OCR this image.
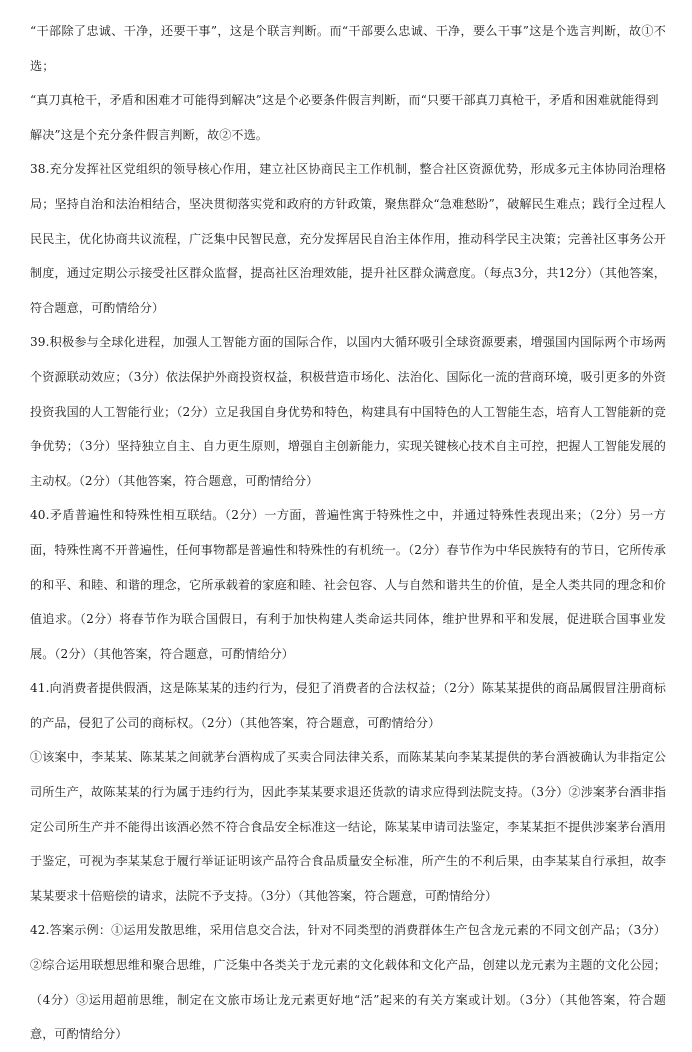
“干部除了忠诚、干净，还要干事”，这是个联言判断。而“干部要么忠诚、干净，要么干事”这是个选言判断，故①不选；

“真刀真枪干，矛盾和困难才可能得到解决”这是个必要条件假言判断，而“只要干部真刀真枪干，矛盾和困难就能得到

解决”这是个充分条件假言判断，故②不选。

38.充分发挥社区党组织的领导核心作用，建立社区协商民主工作机制，整合社区资源优势，形成多元主体协同治理格局；坚持自治和法治相结合，坚决贯彻落实党和政府的方针政策，聚焦群众“急难愁盼”，破解民生难点；践行全过程人民民主，优化协商共议流程，广泛集中民智民意，充分发挥居民自治主体作用，推动科学民主决策；完善社区事务公开制度，通过定期公示接受社区群众监督，提高社区治理效能，提升社区群众满意度。（每点3分，共12分）（其他答案，符合题意，可酌情给分）

39.积极参与全球化进程，加强人工智能方面的国际合作，以国内大循环吸引全球资源要素，增强国内国际两个市场两个资源联动效应；（3分）依法保护外商投资权益，积极营造市场化、法治化、国际化一流的营商环境，吸引更多的外资投资我国的人工智能行业；（2分）立足我国自身优势和特色，构建具有中国特色的人工智能生态，培育人工智能新的竞争优势；（3分）坚持独立自主、自力更生原则，增强自主创新能力，实现关键核心技术自主可控，把握人工智能发展的主动权。（2分）（其他答案，符合题意，可酌情给分）

40.矛盾普遍性和特殊性相互联结。（2分）一方面，普遍性寓于特殊性之中，并通过特殊性表现出来；（2分）另一方面，特殊性离不开普遍性，任何事物都是普遍性和特殊性的有机统一。（2分）春节作为中华民族特有的节日，它所传承的和平、和睦、和谐的理念，它所承载着的家庭和睦、社会包容、人与自然和谐共生的价值，是全人类共同的理念和价值追求。（2分）将春节作为联合国假日，有利于加快构建人类命运共同体，维护世界和平和发展，促进联合国事业发展。（2分）（其他答案，符合题意，可酌情给分）

41.向消费者提供假酒，这是陈某某的违约行为，侵犯了消费者的合法权益；（2分）陈某某提供的商品属假冒注册商标的产品，侵犯了公司的商标权。（2分）（其他答案，符合题意，可酌情给分）

①该案中，李某某、陈某某之间就茅台酒构成了买卖合同法律关系，而陈某某向李某某提供的茅台酒被确认为非指定公司所生产，故陈某某的行为属于违约行为，因此李某某要求退还货款的请求应得到法院支持。（3分）②涉案茅台酒非指定公司所生产并不能得出该酒必然不符合食品安全标准这一结论，陈某某申请司法鉴定，李某某拒不提供涉案茅台酒用于鉴定，可视为李某某怠于履行举证证明该产品符合食品质量安全标准，所产生的不利后果，由李某某自行承担，故李某某要求十倍赔偿的请求，法院不予支持。（3分）（其他答案，符合题意，可酌情给分）

42.答案示例：①运用发散思维，采用信息交合法，针对不同类型的消费群体生产包含龙元素的不同文创产品；（3分）②综合运用联想思维和聚合思维，广泛集中各类关于龙元素的文化载体和文化产品，创建以龙元素为主题的文化公园；（4分）③运用超前思维，制定在文旅市场让龙元素更好地“活”起来的有关方案或计划。（3分）（其他答案，符合题意，可酌情给分）
